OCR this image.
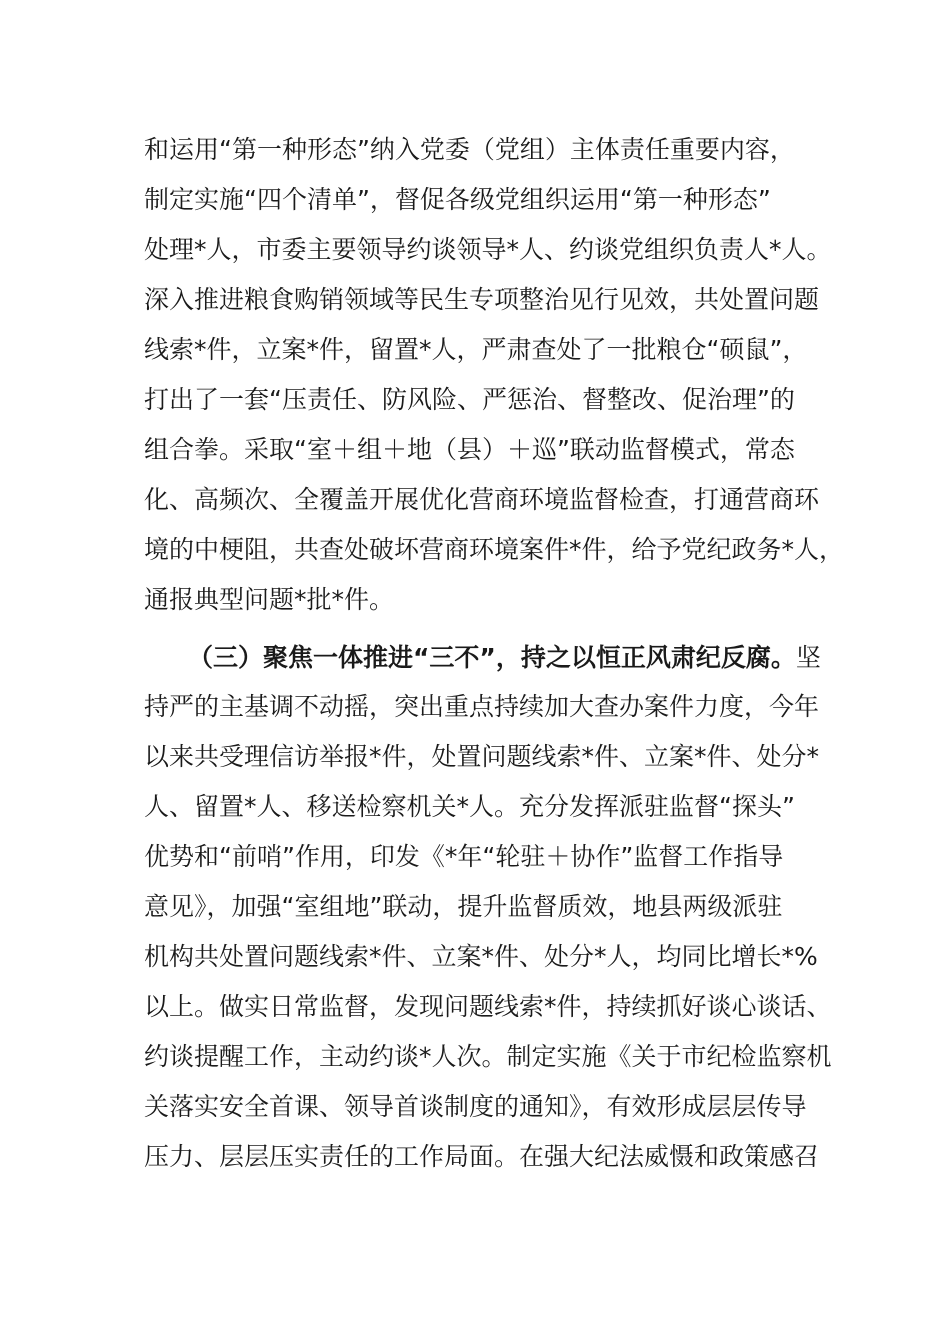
和运用“第一种形态”纳入党委（党组）主体责任重要内容，
制定实施“四个清单”，督促各级党组织运用“第一种形态”
处理*人，市委主要领导约谈领导*人、约谈党组织负责人*人。
深入推进粮食购销领域等民生专项整治见行见效，共处置问题
线索*件，立案*件，留置*人，严肃查处了一批粮仓“硕鼠”，
打出了一套“压责任、防风险、严惩治、督整改、促治理”的
组合拳。采取“室＋组＋地（县）＋巡”联动监督模式，常态
化、高频次、全覆盖开展优化营商环境监督检查，打通营商环
境的中梗阻，共查处破坏营商环境案件*件，给予党纪政务*人，
通报典型问题*批*件。
（三）聚焦一体推进“三不”，持之以恒正风肃纪反腐。坚
持严的主基调不动摇，突出重点持续加大查办案件力度，今年
以来共受理信访举报*件，处置问题线索*件、立案*件、处分*
人、留置*人、移送检察机关*人。充分发挥派驻监督“探头”
优势和“前哨”作用，印发《*年“轮驻＋协作”监督工作指导
意见》，加强“室组地”联动，提升监督质效，地县两级派驻
机构共处置问题线索*件、立案*件、处分*人，均同比增长*%
以上。做实日常监督，发现问题线索*件，持续抓好谈心谈话、
约谈提醒工作，主动约谈*人次。制定实施《关于市纪检监察机
关落实安全首课、领导首谈制度的通知》，有效形成层层传导
压力、层层压实责任的工作局面。在强大纪法威慑和政策感召
